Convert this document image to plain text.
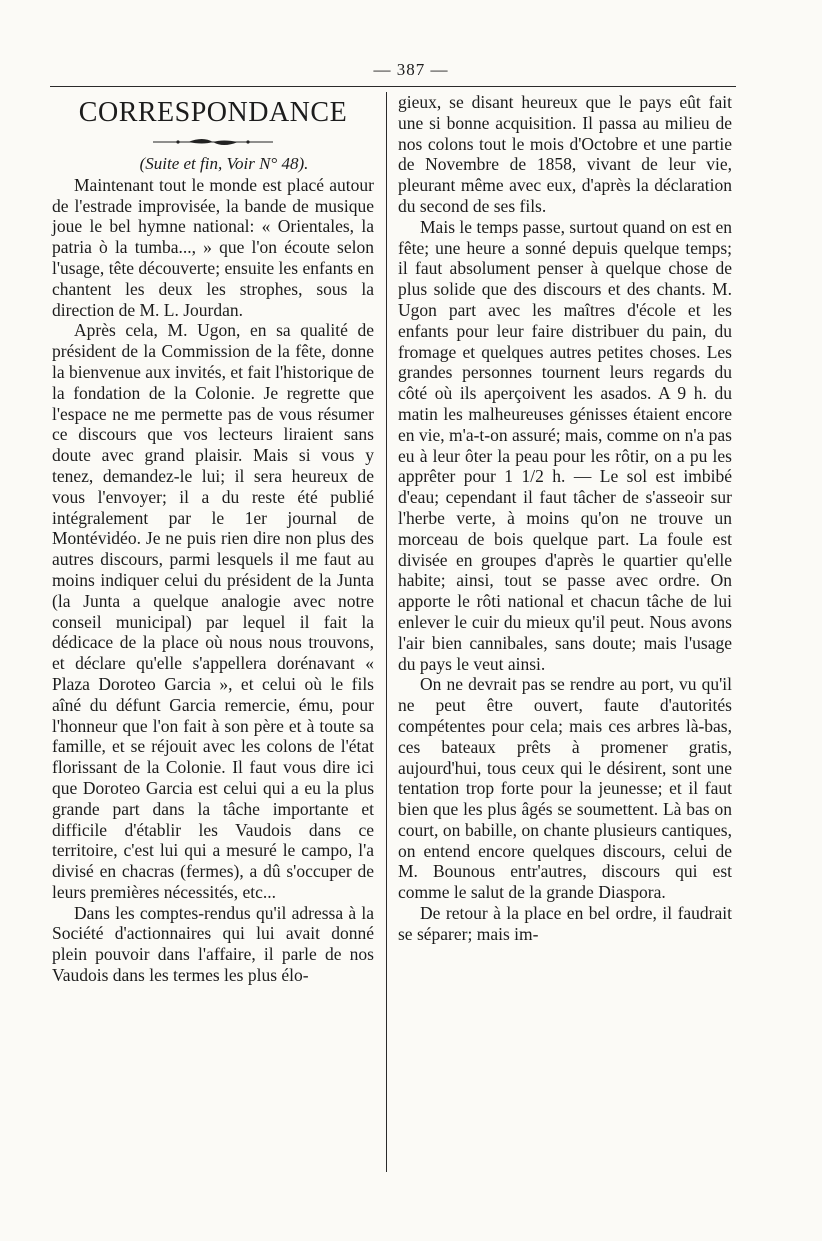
— 387 —
CORRESPONDANCE

(Suite et fin, Voir N° 48).

Maintenant tout le monde est placé autour de l'estrade improvisée, la bande de musique joue le bel hymne national: « Orientales, la patria ò la tumba..., » que l'on écoute selon l'usage, tête découverte; ensuite les enfants en chantent les deux les strophes, sous la direction de M. L. Jourdan.

Après cela, M. Ugon, en sa qualité de président de la Commission de la fête, donne la bienvenue aux invités, et fait l'historique de la fondation de la Colonie. Je regrette que l'espace ne me permette pas de vous résumer ce discours que vos lecteurs liraient sans doute avec grand plaisir. Mais si vous y tenez, demandez-le lui; il sera heureux de vous l'envoyer; il a du reste été publié intégralement par le 1er journal de Montévidéo. Je ne puis rien dire non plus des autres discours, parmi lesquels il me faut au moins indiquer celui du président de la Junta (la Junta a quelque analogie avec notre conseil municipal) par lequel il fait la dédicace de la place où nous nous trouvons, et déclare qu'elle s'appellera dorénavant « Plaza Doroteo Garcia », et celui où le fils aîné du défunt Garcia remercie, ému, pour l'honneur que l'on fait à son père et à toute sa famille, et se réjouit avec les colons de l'état florissant de la Colonie. Il faut vous dire ici que Doroteo Garcia est celui qui a eu la plus grande part dans la tâche importante et difficile d'établir les Vaudois dans ce territoire, c'est lui qui a mesuré le campo, l'a divisé en chacras (fermes), a dû s'occuper de leurs premières nécessités, etc...

Dans les comptes-rendus qu'il adressa à la Société d'actionnaires qui lui avait donné plein pouvoir dans l'affaire, il parle de nos Vaudois dans les termes les plus élo-

gieux, se disant heureux que le pays eût fait une si bonne acquisition. Il passa au milieu de nos colons tout le mois d'Octobre et une partie de Novembre de 1858, vivant de leur vie, pleurant même avec eux, d'après la déclaration du second de ses fils.

Mais le temps passe, surtout quand on est en fête; une heure a sonné depuis quelque temps; il faut absolument penser à quelque chose de plus solide que des discours et des chants. M. Ugon part avec les maîtres d'école et les enfants pour leur faire distribuer du pain, du fromage et quelques autres petites choses. Les grandes personnes tournent leurs regards du côté où ils aperçoivent les asados. A 9 h. du matin les malheureuses génisses étaient encore en vie, m'a-t-on assuré; mais, comme on n'a pas eu à leur ôter la peau pour les rôtir, on a pu les apprêter pour 1 1/2 h. — Le sol est imbibé d'eau; cependant il faut tâcher de s'asseoir sur l'herbe verte, à moins qu'on ne trouve un morceau de bois quelque part. La foule est divisée en groupes d'après le quartier qu'elle habite; ainsi, tout se passe avec ordre. On apporte le rôti national et chacun tâche de lui enlever le cuir du mieux qu'il peut. Nous avons l'air bien cannibales, sans doute; mais l'usage du pays le veut ainsi.

On ne devrait pas se rendre au port, vu qu'il ne peut être ouvert, faute d'autorités compétentes pour cela; mais ces arbres là-bas, ces bateaux prêts à promener gratis, aujourd'hui, tous ceux qui le désirent, sont une tentation trop forte pour la jeunesse; et il faut bien que les plus âgés se soumettent. Là bas on court, on babille, on chante plusieurs cantiques, on entend encore quelques discours, celui de M. Bounous entr'autres, discours qui est comme le salut de la grande Diaspora.

De retour à la place en bel ordre, il faudrait se séparer; mais im-
